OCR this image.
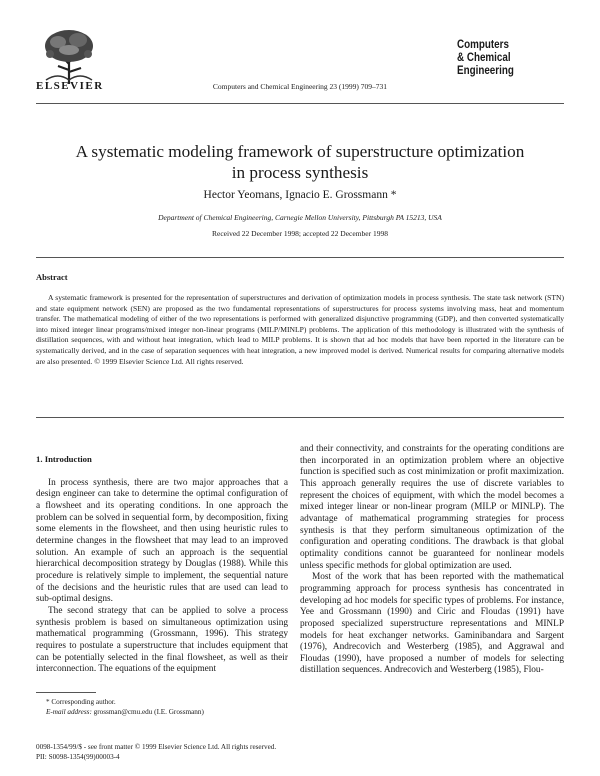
ELSEVIER	Computers and Chemical Engineering 23 (1999) 709–731
Computers
& Chemical
Engineering
A systematic modeling framework of superstructure optimization
in process synthesis
Hector Yeomans, Ignacio E. Grossmann *
Department of Chemical Engineering, Carnegie Mellon University, Pittsburgh PA 15213, USA
Received 22 December 1998; accepted 22 December 1998
Abstract
A systematic framework is presented for the representation of superstructures and derivation of optimization models in process synthesis. The state task network (STN) and state equipment network (SEN) are proposed as the two fundamental representations of superstructures for process systems involving mass, heat and momentum transfer. The mathematical modeling of either of the two representations is performed with generalized disjunctive programming (GDP), and then converted systematically into mixed integer linear programs/mixed integer non-linear programs (MILP/MINLP) problems. The application of this methodology is illustrated with the synthesis of distillation sequences, with and without heat integration, which lead to MILP problems. It is shown that ad hoc models that have been reported in the literature can be systematically derived, and in the case of separation sequences with heat integration, a new improved model is derived. Numerical results for comparing alternative models are also presented. © 1999 Elsevier Science Ltd. All rights reserved.
1. Introduction

In process synthesis, there are two major approaches that a design engineer can take to determine the optimal configuration of a flowsheet and its operating conditions. In one approach the problem can be solved in sequential form, by decomposition, fixing some elements in the flowsheet, and then using heuristic rules to determine changes in the flowsheet that may lead to an improved solution. An example of such an approach is the sequential hierarchical decomposition strategy by Douglas (1988). While this procedure is relatively simple to implement, the sequential nature of the decisions and the heuristic rules that are used can lead to sub-optimal designs.

The second strategy that can be applied to solve a process synthesis problem is based on simultaneous optimization using mathematical programming (Grossmann, 1996). This strategy requires to postulate a superstructure that includes equipment that can be potentially selected in the final flowsheet, as well as their interconnection. The equations of the equipment

and their connectivity, and constraints for the operating conditions are then incorporated in an optimization problem where an objective function is specified such as cost minimization or profit maximization. This approach generally requires the use of discrete variables to represent the choices of equipment, with which the model becomes a mixed integer linear or non-linear program (MILP or MINLP). The advantage of mathematical programming strategies for process synthesis is that they perform simultaneous optimization of the configuration and operating conditions. The drawback is that global optimality conditions cannot be guaranteed for nonlinear models unless specific methods for global optimization are used.

Most of the work that has been reported with the mathematical programming approach for process synthesis has concentrated in developing ad hoc models for specific types of problems. For instance, Yee and Grossmann (1990) and Ciric and Floudas (1991) have proposed specialized superstructure representations and MINLP models for heat exchanger networks. Gaminibandara and Sargent (1976), Andrecovich and Westerberg (1985), and Aggrawal and Floudas (1990), have proposed a number of models for selecting distillation sequences. Andrecovich and Westerberg (1985), Flou-

* Corresponding author.
E-mail address: grossman@cmu.edu (I.E. Grossmann)
0098-1354/99/$ - see front matter © 1999 Elsevier Science Ltd. All rights reserved.
PII: S0098-1354(99)00003-4
